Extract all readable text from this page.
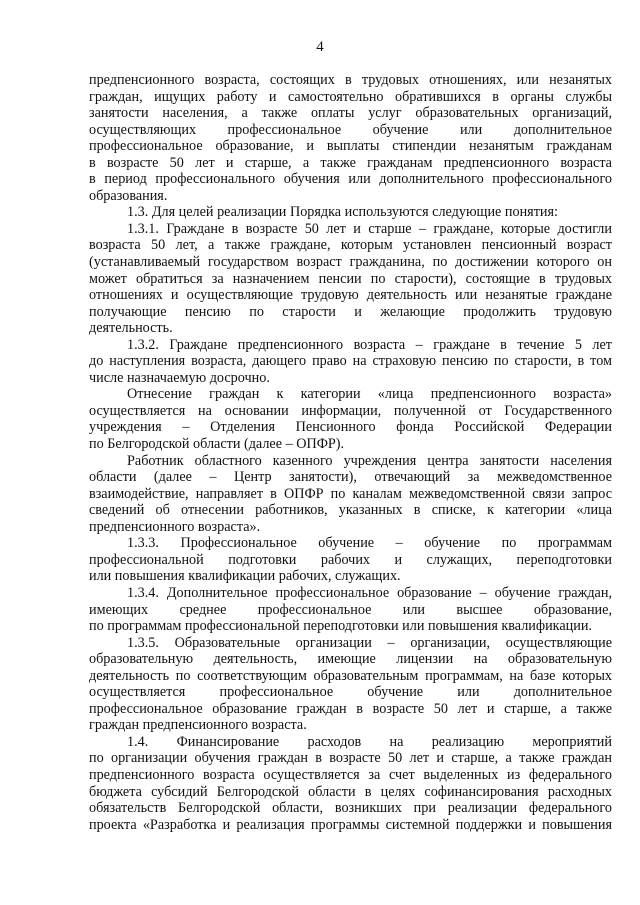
4
предпенсионного возраста, состоящих в трудовых отношениях, или незанятых
граждан, ищущих работу и самостоятельно обратившихся в органы службы
занятости населения, а также оплаты услуг образовательных организаций,
осуществляющих профессиональное обучение или дополнительное
профессиональное образование, и выплаты стипендии незанятым гражданам
в возрасте 50 лет и старше, а также гражданам предпенсионного возраста
в период профессионального обучения или дополнительного профессионального
образования.
1.3. Для целей реализации Порядка используются следующие понятия:
1.3.1. Граждане в возрасте 50 лет и старше – граждане, которые достигли
возраста 50 лет, а также граждане, которым установлен пенсионный возраст
(устанавливаемый государством возраст гражданина, по достижении которого он
может обратиться за назначением пенсии по старости), состоящие в трудовых
отношениях и осуществляющие трудовую деятельность или незанятые граждане
получающие пенсию по старости и желающие продолжить трудовую
деятельность.
1.3.2. Граждане предпенсионного возраста – граждане в течение 5 лет
до наступления возраста, дающего право на страховую пенсию по старости, в том
числе назначаемую досрочно.
Отнесение граждан к категории «лица предпенсионного возраста»
осуществляется на основании информации, полученной от Государственного
учреждения – Отделения Пенсионного фонда Российской Федерации
по Белгородской области (далее – ОПФР).
Работник областного казенного учреждения центра занятости населения
области (далее – Центр занятости), отвечающий за межведомственное
взаимодействие, направляет в ОПФР по каналам межведомственной связи запрос
сведений об отнесении работников, указанных в списке, к категории «лица
предпенсионного возраста».
1.3.3. Профессиональное обучение – обучение по программам
профессиональной подготовки рабочих и служащих, переподготовки
или повышения квалификации рабочих, служащих.
1.3.4. Дополнительное профессиональное образование – обучение граждан,
имеющих среднее профессиональное или высшее образование,
по программам профессиональной переподготовки или повышения квалификации.
1.3.5. Образовательные организации – организации, осуществляющие
образовательную деятельность, имеющие лицензии на образовательную
деятельность по соответствующим образовательным программам, на базе которых
осуществляется профессиональное обучение или дополнительное
профессиональное образование граждан в возрасте 50 лет и старше, а также
граждан предпенсионного возраста.
1.4. Финансирование расходов на реализацию мероприятий
по организации обучения граждан в возрасте 50 лет и старше, а также граждан
предпенсионного возраста осуществляется за счет выделенных из федерального
бюджета субсидий Белгородской области в целях софинансирования расходных
обязательств Белгородской области, возникших при реализации федерального
проекта «Разработка и реализация программы системной поддержки и повышения
